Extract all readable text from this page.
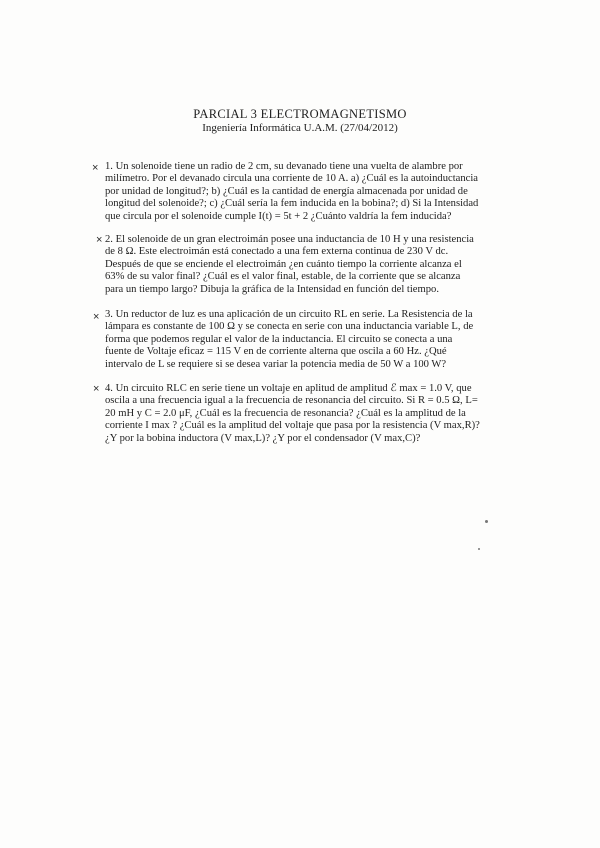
PARCIAL 3 ELECTROMAGNETISMO
Ingeniería Informática U.A.M. (27/04/2012)
× 1. Un solenoide tiene un radio de 2 cm, su devanado tiene una vuelta de alambre por
milímetro. Por el devanado circula una corriente de 10 A. a) ¿Cuál es la autoinductancia
por unidad de longitud?; b) ¿Cuál es la cantidad de energía almacenada por unidad de
longitud del solenoide?; c) ¿Cuál sería la fem inducida en la bobina?; d) Si la Intensidad
que circula por el solenoide cumple I(t) = 5t + 2 ¿Cuánto valdría la fem inducida?
× 2. El solenoide de un gran electroimán posee una inductancia de 10 H y una resistencia
de 8 Ω. Este electroimán está conectado a una fem externa continua de 230 V dc.
Después de que se enciende el electroimán ¿en cuánto tiempo la corriente alcanza el
63% de su valor final? ¿Cuál es el valor final, estable, de la corriente que se alcanza
para un tiempo largo? Dibuja la gráfica de la Intensidad en función del tiempo.
× 3. Un reductor de luz es una aplicación de un circuito RL en serie. La Resistencia de la
lámpara es constante de 100 Ω y se conecta en serie con una inductancia variable L, de
forma que podemos regular el valor de la inductancia. El circuito se conecta a una
fuente de Voltaje eficaz = 115 V en de corriente alterna que oscila a 60 Hz. ¿Qué
intervalo de L se requiere si se desea variar la potencia media de 50 W a 100 W?
× 4. Un circuito RLC en serie tiene un voltaje en aplitud de amplitud ℰ max = 1.0 V, que
oscila a una frecuencia igual a la frecuencia de resonancia del circuito. Si R = 0.5 Ω, L=
20 mH y C = 2.0 μF, ¿Cuál es la frecuencia de resonancia? ¿Cuál es la amplitud de la
corriente I max ? ¿Cuál es la amplitud del voltaje que pasa por la resistencia (V max,R)?
¿Y por la bobina inductora (V max,L)? ¿Y por el condensador (V max,C)?
